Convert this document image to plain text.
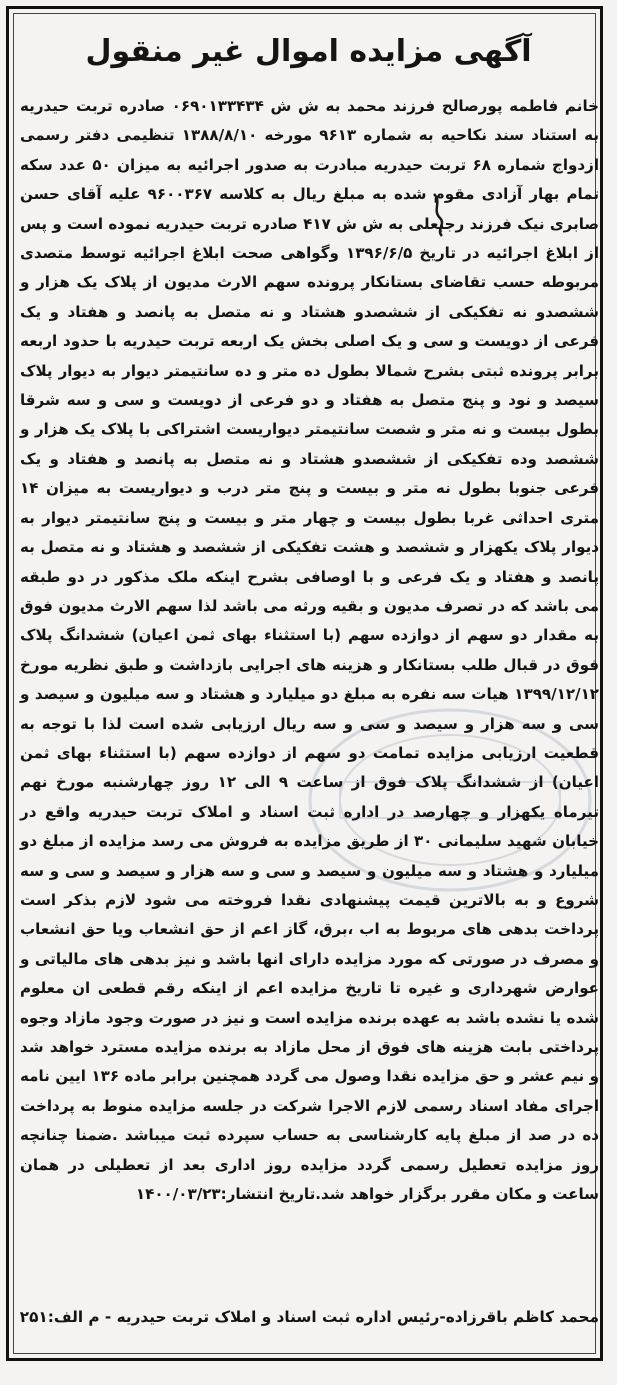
آگهی مزایده اموال غیر منقول

خانم فاطمه پورصالح فرزند محمد به ش ش ۰۶۹۰۱۳۳۴۳۴ صادره تربت حیدریه به استناد سند نکاحیه به شماره ۹۶۱۳ مورخه ۱۳۸۸/۸/۱۰ تنظیمی دفتر رسمی ازدواج شماره ۶۸ تربت حیدریه مبادرت به صدور اجرائیه به میزان ۵۰ عدد سکه تمام بهار آزادی مقوم شده به مبلغ ریال به کلاسه ۹۶۰۰۳۶۷ علیه آقای حسن صابری نیک فرزند رجبعلی به ش ش ۴۱۷ صادره تربت حیدریه نموده است و پس از ابلاغ اجرائیه در تاریخ ۱۳۹۶/۶/۵ وگواهی صحت ابلاغ اجرائیه توسط متصدی مربوطه حسب تقاضای بستانکار پرونده سهم الارث مدیون از پلاک یک هزار و ششصدو نه تفکیکی از ششصدو هشتاد و نه متصل به پانصد و هفتاد و یک فرعی از دویست و سی و یک اصلی بخش یک اربعه تربت حیدریه با حدود اربعه برابر پرونده ثبتی بشرح شمالا بطول ده متر و ده سانتیمتر دیوار به دیوار پلاک سیصد و نود و پنج متصل به هفتاد و دو فرعی از دویست و سی و سه شرقا بطول بیست و نه متر و شصت سانتیمتر دیواریست اشتراکی با پلاک یک هزار و ششصد وده تفکیکی از ششصدو هشتاد و نه متصل به پانصد و هفتاد و یک فرعی جنوبا بطول نه متر و بیست و پنج متر درب و دیواریست به میزان ۱۴ متری احداثی غربا بطول بیست و چهار متر و بیست و پنج سانتیمتر دیوار به دیوار پلاک یکهزار و ششصد و هشت تفکیکی از ششصد و هشتاد و نه متصل به پانصد و هفتاد و یک فرعی و با اوصافی بشرح اینکه ملک مذکور در دو طبقه می باشد که در تصرف مدیون و بقیه ورثه می باشد لذا سهم الارث مدیون فوق به مقدار دو سهم از دوازده سهم (با استثناء بهای ثمن اعیان) ششدانگ پلاک فوق در قبال طلب بستانکار و هزینه های اجرایی بازداشت و طبق نظریه مورخ ۱۳۹۹/۱۲/۱۲ هیات سه نفره به مبلغ دو میلیارد و هشتاد و سه میلیون و سیصد و سی و سه هزار و سیصد و سی و سه ریال ارزیابی شده است لذا با توجه به قطعیت ارزیابی مزایده تمامت دو سهم از دوازده سهم (با استثناء بهای ثمن اعیان) از ششدانگ پلاک فوق از ساعت ۹ الی ۱۲ روز چهارشنبه مورخ نهم تیرماه یکهزار و چهارصد در اداره ثبت اسناد و املاک تربت حیدریه واقع در خیابان شهید سلیمانی ۳۰ از طریق مزایده به فروش می رسد مزایده از مبلغ دو میلیارد و هشتاد و سه میلیون و سیصد و سی و سه هزار و سیصد و سی و سه شروع و به بالاترین قیمت پیشنهادی نقدا فروخته می شود لازم بذکر است پرداخت بدهی های مربوط به اب ،برق، گاز اعم از حق انشعاب ویا حق انشعاب و مصرف در صورتی که مورد مزایده دارای انها باشد و نیز بدهی های مالیاتی و عوارض شهرداری و غیره تا تاریخ مزایده اعم از اینکه رقم قطعی ان معلوم شده یا نشده باشد به عهده برنده مزایده است و نیز در صورت وجود مازاد وجوه پرداختی بابت هزینه های فوق از محل مازاد به برنده مزایده مسترد خواهد شد و نیم عشر و حق مزایده نقدا وصول می گردد همچنین برابر ماده ۱۳۶ ایین نامه اجرای مفاد اسناد رسمی لازم الاجرا شرکت در جلسه مزایده منوط به پرداخت ده در صد از مبلغ پایه کارشناسی به حساب سپرده ثبت میباشد .ضمنا چنانچه روز مزایده تعطیل رسمی گردد مزایده روز اداری بعد از تعطیلی در همان ساعت و مکان مقرر برگزار خواهد شد.تاریخ انتشار:۱۴۰۰/۰۳/۲۳

محمد کاظم باقرزاده-رئیس اداره ثبت اسناد و املاک تربت حیدریه - م الف:۲۵۱
